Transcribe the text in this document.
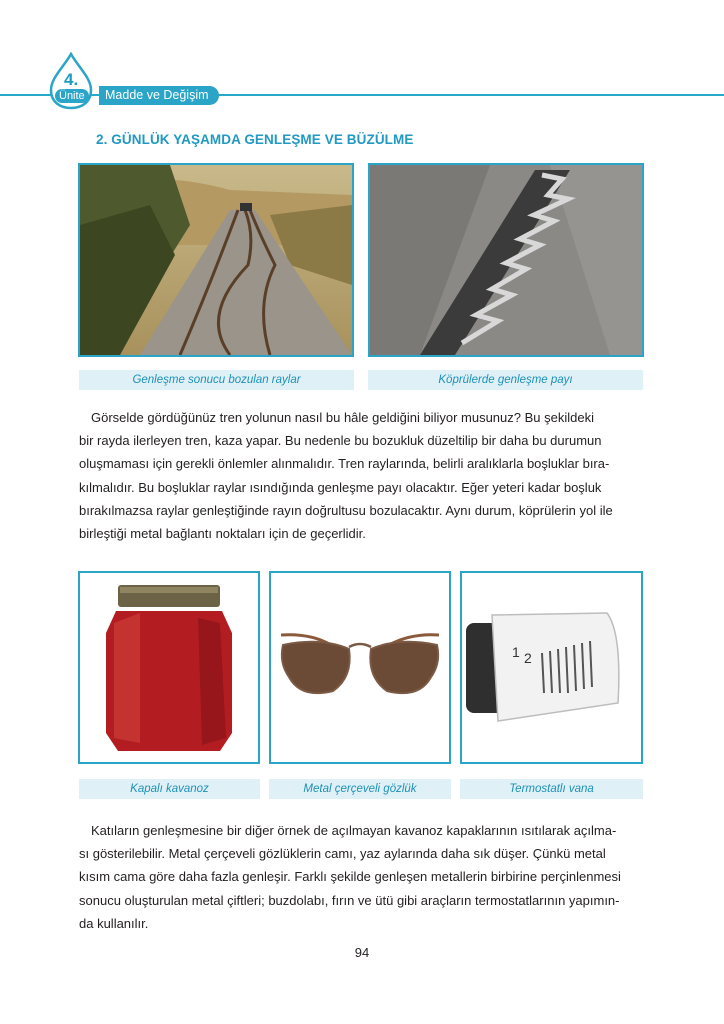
4.
Ünite	Madde ve Değişim
2. GÜNLÜK YAŞAMDA GENLEŞME VE BÜZÜLME
Genleşme sonucu bozulan raylar	Köprülerde genleşme payı
Görselde gördüğünüz tren yolunun nasıl bu hâle geldiğini biliyor musunuz? Bu şekildeki
bir rayda ilerleyen tren, kaza yapar. Bu nedenle bu bozukluk düzeltilip bir daha bu durumun
oluşmaması için gerekli önlemler alınmalıdır. Tren raylarında, belirli aralıklarla boşluklar bıra-
kılmalıdır. Bu boşluklar raylar ısındığında genleşme payı olacaktır. Eğer yeteri kadar boşluk
bırakılmazsa raylar genleştiğinde rayın doğrultusu bozulacaktır. Aynı durum, köprülerin yol ile
birleştiği metal bağlantı noktaları için de geçerlidir.
1 2
Kapalı kavanoz	Metal çerçeveli gözlük	Termostatlı vana
Katıların genleşmesine bir diğer örnek de açılmayan kavanoz kapaklarının ısıtılarak açılma-
sı gösterilebilir. Metal çerçeveli gözlüklerin camı, yaz aylarında daha sık düşer. Çünkü metal
kısım cama göre daha fazla genleşir. Farklı şekilde genleşen metallerin birbirine perçinlenmesi
sonucu oluşturulan metal çiftleri; buzdolabı, fırın ve ütü gibi araçların termostatlarının yapımın-
da kullanılır.
94
